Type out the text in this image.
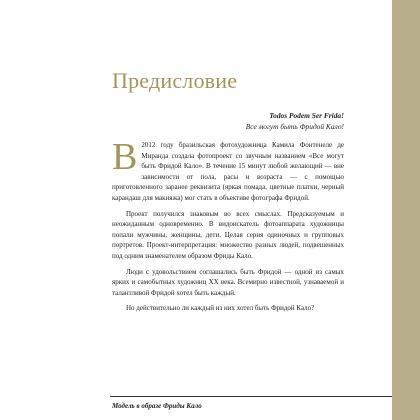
Предисловие
Todos Podem Ser Frida!
Все могут быть Фридой Кало!

В 2012 году бразильская фотохудожница Камила Фонтенеле де Миранда создала фотопроект со звучным названием «Все могут быть Фридой Кало». В течение 15 минут любой желающий — вне зависимости от пола, расы и возраста — с помощью приготовленного заранее реквизита (яркая помада, цветные платки, черный карандаш для макияжа) мог стать в объективе фотографа Фридой.

Проект получился знаковым во всех смыслах. Предсказуемым и неожиданным одновременно. В видоискатель фотоаппарата художницы попали мужчины, женщины, дети. Целая серия одиночных и групповых портретов. Проект-интерпретация: множество разных людей, подвешенных под одним знаменателем образом Фриды Кало.

Люди с удовольствием соглашались быть Фридой — одной из самых ярких и самобытных художниц XX века. Всемирно известной, узнаваемой и талантливой Фридой хотел быть каждый.

Но действительно ли каждый из них хотел быть Фридой Кало?

Модель в образе Фриды Кало
